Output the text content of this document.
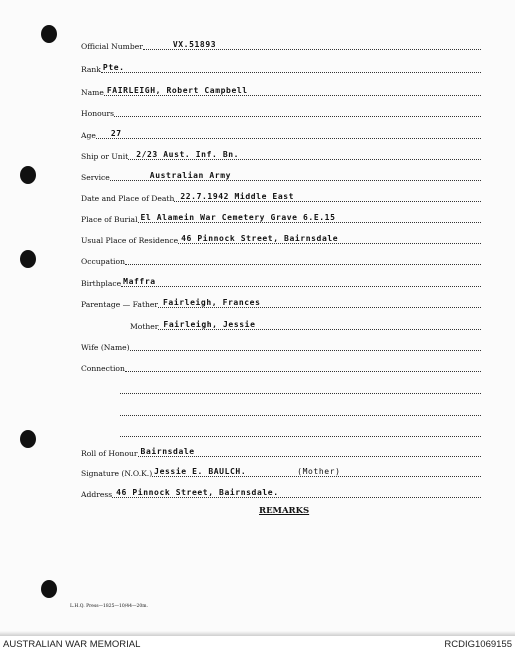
Official Number	VX.51893
Rank Pte.
Name FAIRLEIGH, Robert Campbell
Honours
Age 27
Ship or Unit 2/23 Aust. Inf. Bn.
Service	Australian Army
Date and Place of Death 22.7.1942 Middle East
Place of Burial El Alamein War Cemetery Grave 6.E.15
Usual Place of Residence 46 Pinnock Street, Bairnsdale
Occupation
Birthplace Maffra
Parentage — Father Fairleigh, Frances
Mother Fairleigh, Jessie
Wife (Name)
Connection
Roll of Honour Bairnsdale
Signature (N.O.K.) Jessie E. BAULCH.	(Mother)
Address 46 Pinnock Street, Bairnsdale.
REMARKS
L.H.Q. Press—1825—10/44—20m.
AUSTRALIAN WAR MEMORIAL	RCDIG1069155
